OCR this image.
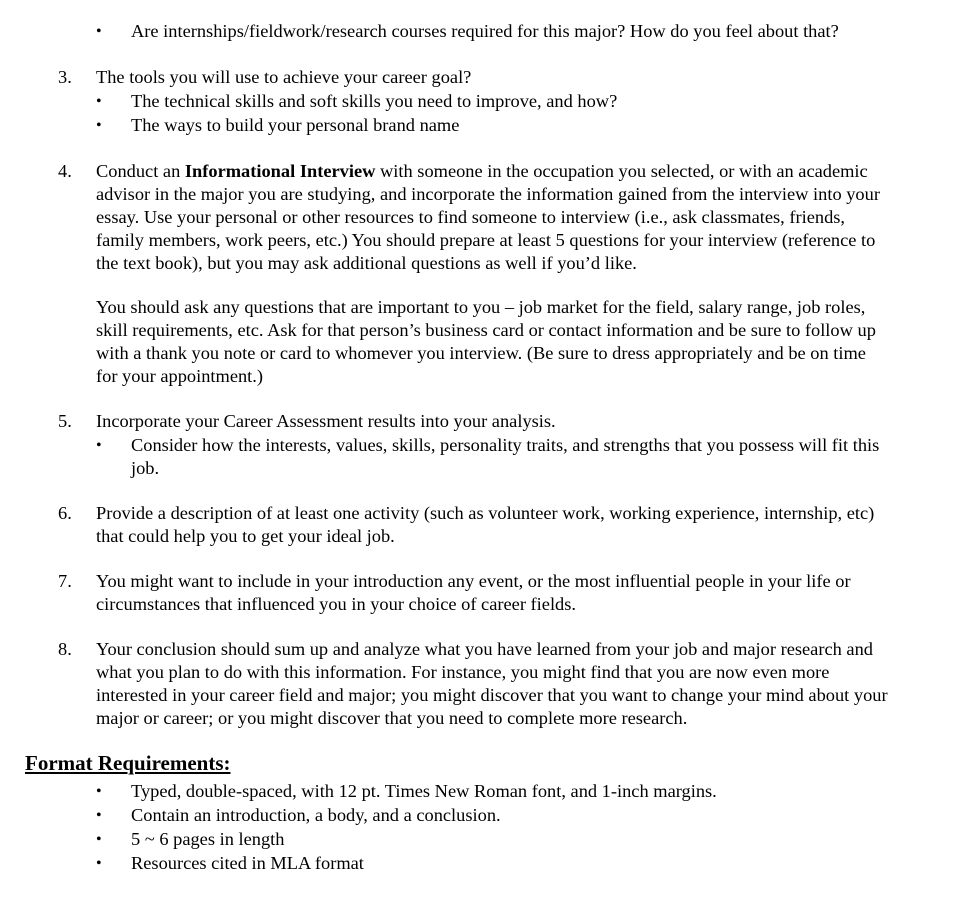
• Are internships/fieldwork/research courses required for this major? How do you feel about that?
3. The tools you will use to achieve your career goal?
• The technical skills and soft skills you need to improve, and how?
• The ways to build your personal brand name
4. Conduct an Informational Interview with someone in the occupation you selected, or with an academic
advisor in the major you are studying, and incorporate the information gained from the interview into your
essay. Use your personal or other resources to find someone to interview (i.e., ask classmates, friends,
family members, work peers, etc.) You should prepare at least 5 questions for your interview (reference to
the text book), but you may ask additional questions as well if you’d like.
You should ask any questions that are important to you – job market for the field, salary range, job roles,
skill requirements, etc. Ask for that person’s business card or contact information and be sure to follow up
with a thank you note or card to whomever you interview. (Be sure to dress appropriately and be on time
for your appointment.)
5. Incorporate your Career Assessment results into your analysis.
• Consider how the interests, values, skills, personality traits, and strengths that you possess will fit this
job.
6. Provide a description of at least one activity (such as volunteer work, working experience, internship, etc)
that could help you to get your ideal job.
7. You might want to include in your introduction any event, or the most influential people in your life or
circumstances that influenced you in your choice of career fields.
8. Your conclusion should sum up and analyze what you have learned from your job and major research and
what you plan to do with this information. For instance, you might find that you are now even more
interested in your career field and major; you might discover that you want to change your mind about your
major or career; or you might discover that you need to complete more research.
Format Requirements:
• Typed, double-spaced, with 12 pt. Times New Roman font, and 1-inch margins.
• Contain an introduction, a body, and a conclusion.
• 5 ~ 6 pages in length
• Resources cited in MLA format
